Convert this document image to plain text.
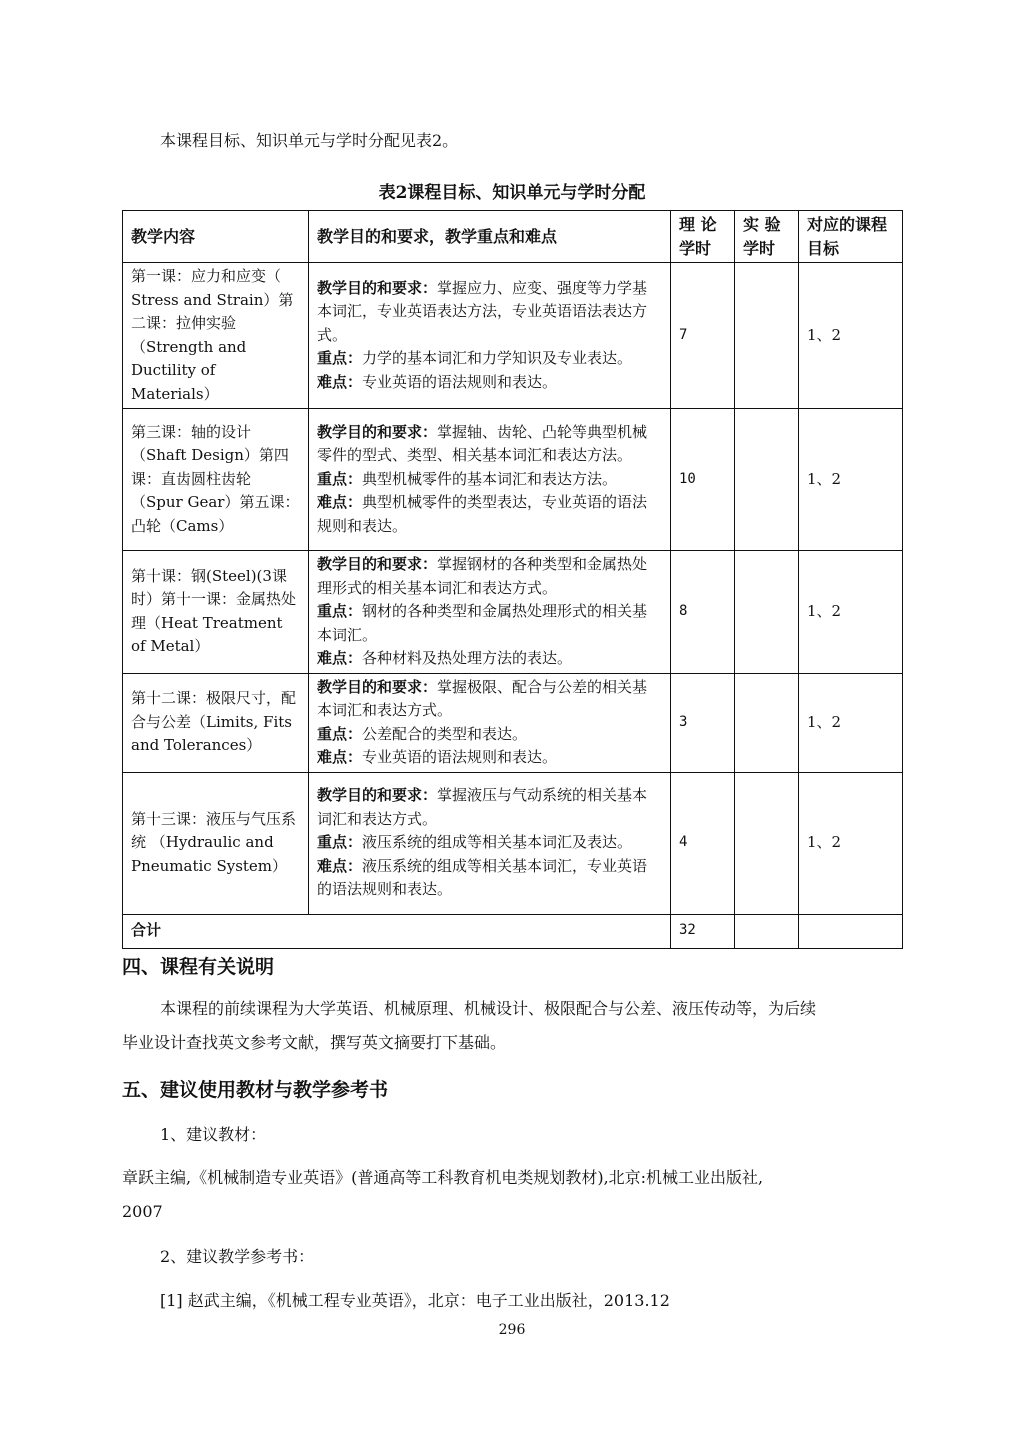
本课程目标、知识单元与学时分配见表2。
表2课程目标、知识单元与学时分配
教学内容	教学目的和要求，教学重点和难点	理 论学时	实 验学时	对应的课程目标
第一课：应力和应变（ Stress and Strain）第二课：拉伸实验（Strength and Ductility of Materials）	教学目的和要求：掌握应力、应变、强度等力学基本词汇，专业英语表达方法，专业英语语法表达方式。
重点：力学的基本词汇和力学知识及专业表达。
难点：专业英语的语法规则和表达。	7		1、2
第三课：轴的设计（Shaft Design）第四课：直齿圆柱齿轮（Spur Gear）第五课：凸轮（Cams）	教学目的和要求：掌握轴、齿轮、凸轮等典型机械零件的型式、类型、相关基本词汇和表达方法。
重点：典型机械零件的基本词汇和表达方法。
难点：典型机械零件的类型表达，专业英语的语法规则和表达。	10		1、2
第十课：钢(Steel)(3课时）第十一课：金属热处理（Heat Treatment of Metal）	教学目的和要求：掌握钢材的各种类型和金属热处理形式的相关基本词汇和表达方式。
重点：钢材的各种类型和金属热处理形式的相关基本词汇。
难点：各种材料及热处理方法的表达。	8		1、2
第十二课：极限尺寸，配合与公差（Limits, Fits and Tolerances）	教学目的和要求：掌握极限、配合与公差的相关基本词汇和表达方式。
重点：公差配合的类型和表达。
难点：专业英语的语法规则和表达。	3		1、2
第十三课：液压与气压系统 （Hydraulic and Pneumatic System）	教学目的和要求：掌握液压与气动系统的相关基本词汇和表达方式。
重点：液压系统的组成等相关基本词汇及表达。
难点：液压系统的组成等相关基本词汇，专业英语的语法规则和表达。	4		1、2
合计		32		
四、课程有关说明
本课程的前续课程为大学英语、机械原理、机械设计、极限配合与公差、液压传动等，为后续
毕业设计查找英文参考文献，撰写英文摘要打下基础。
五、建议使用教材与教学参考书
1、建议教材：
章跃主编,《机械制造专业英语》(普通高等工科教育机电类规划教材),北京:机械工业出版社,
2007
2、建议教学参考书：
[1] 赵武主编，《机械工程专业英语》，北京：电子工业出版社，2013.12
296
